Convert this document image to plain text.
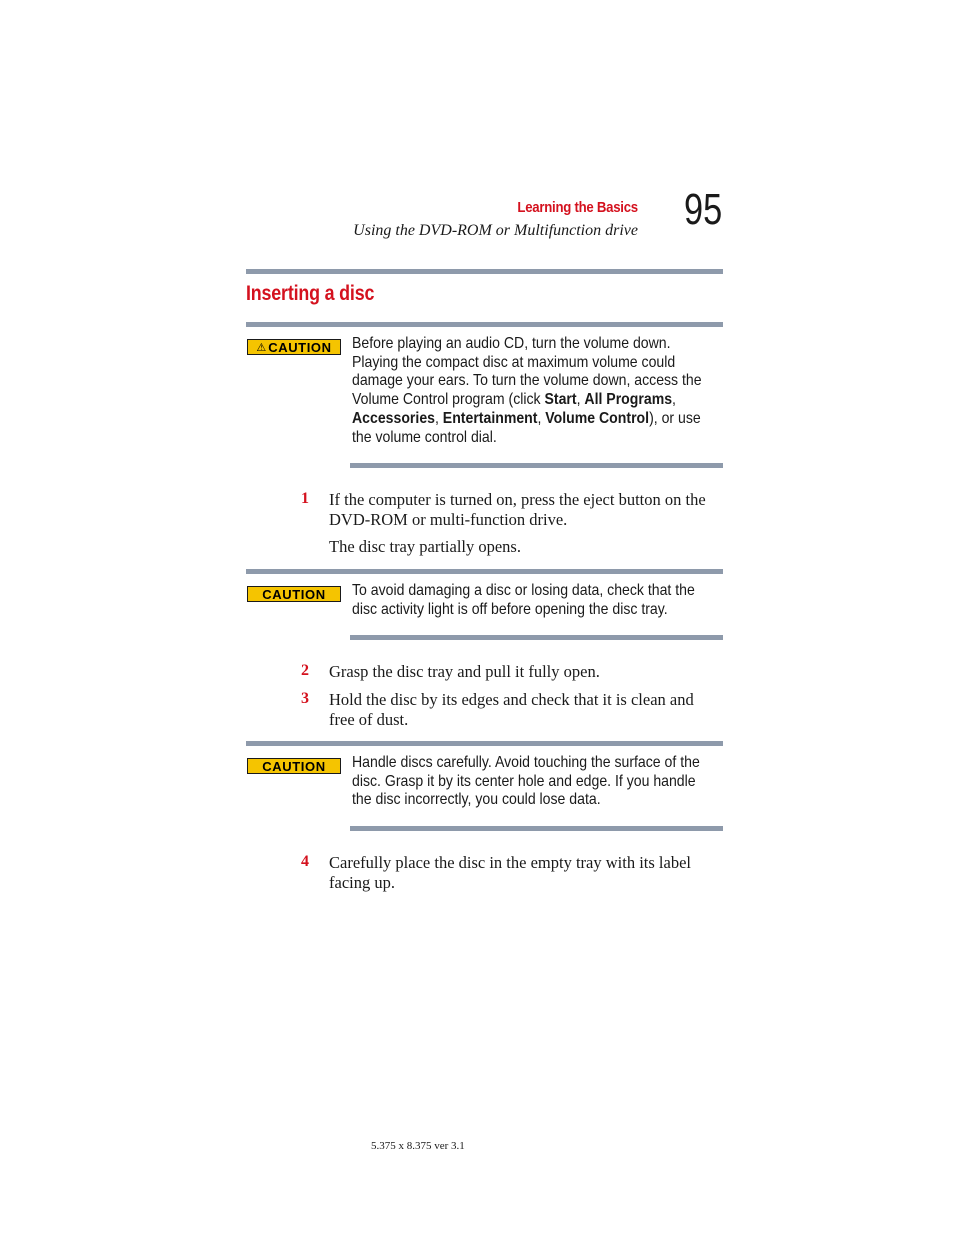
Learning the Basics
Using the DVD-ROM or Multifunction drive 95
Inserting a disc
⚠ CAUTION Before playing an audio CD, turn the volume down. Playing the compact disc at maximum volume could damage your ears. To turn the volume down, access the Volume Control program (click Start, All Programs, Accessories, Entertainment, Volume Control), or use the volume control dial.
1 If the computer is turned on, press the eject button on the DVD-ROM or multi-function drive.
The disc tray partially opens.
CAUTION To avoid damaging a disc or losing data, check that the disc activity light is off before opening the disc tray.
2 Grasp the disc tray and pull it fully open.
3 Hold the disc by its edges and check that it is clean and free of dust.
CAUTION Handle discs carefully. Avoid touching the surface of the disc. Grasp it by its center hole and edge. If you handle the disc incorrectly, you could lose data.
4 Carefully place the disc in the empty tray with its label facing up.
5.375 x 8.375 ver 3.1
